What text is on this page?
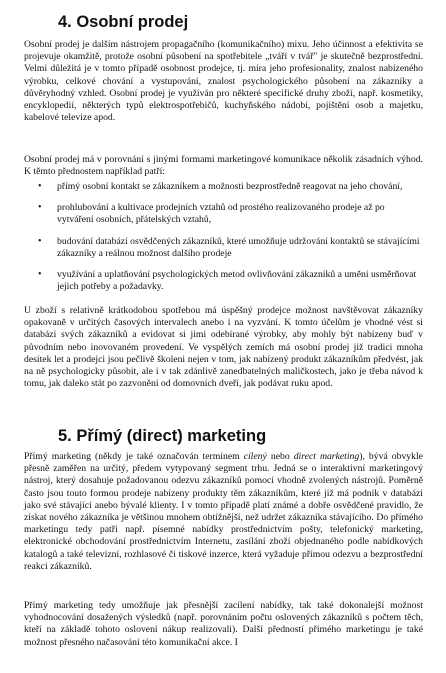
4. Osobní prodej

Osobní prodej je dalším nástrojem propagačního (komunikačního) mixu. Jeho účinnost a efektivita se projevuje okamžitě, protože osobní působení na spotřebitele „tváří v tvář" je skutečně bezprostřední. Velmi důležitá je v tomto případě osobnost prodejce, tj. míra jeho profesionality, znalost nabízeného výrobku, celkové chování a vystupování, znalost psychologického působení na zákazníky a důvěryhodný vzhled. Osobní prodej je využíván pro některé specifické druhy zboží, např. kosmetiky, encyklopedií, některých typů elektrospotřebičů, kuchyňského nádobí, pojištění osob a majetku, kabelové televize apod.

Osobní prodej má v porovnání s jinými formami marketingové komunikace několik zásadních výhod. K těmto přednostem například patří:

• přímý osobní kontakt se zákazníkem a možnosti bezprostředně reagovat na jeho chování,
• prohlubování a kultivace prodejních vztahů od prostého realizovaného prodeje až po vytváření osobních, přátelských vztahů,
• budování databází osvědčených zákazníků, které umožňuje udržování kontaktů se stávajícími zákazníky a reálnou možnost dalšího prodeje
• využívání a uplatňování psychologických metod ovlivňování zákazníků a umění usměrňovat jejich potřeby a požadavky.

U zboží s relativně krátkodobou spotřebou má úspěšný prodejce možnost navštěvovat zákazníky opakovaně v určitých časových intervalech anebo i na vyzvání. K tomto účelům je vhodné vést si databázi svých zákazníků a evidovat si jimi odebírané výrobky, aby mohly být nabízeny buď v původním nebo inovovaném provedení. Ve vyspělých zemích má osobní prodej již tradici mnoha desítek let a prodejci jsou pečlivě školeni nejen v tom, jak nabízený produkt zákazníkům předvést, jak na ně psychologicky působit, ale i v tak zdánlivě zanedbatelných maličkostech, jako je třeba návod k tomu, jak daleko stát po zazvonění od domovních dveří, jak podávat ruku apod.

5. Přímý (direct) marketing

Přímý marketing (někdy je také označován termínem cílený nebo direct marketing), bývá obvykle přesně zaměřen na určitý, předem vytypovaný segment trhu. Jedná se o interaktivní marketingový nástroj, který dosahuje požadovanou odezvu zákazníků pomocí vhodně zvolených nástrojů. Poměrně často jsou touto formou prodeje nabízeny produkty těm zákazníkům, které již má podnik v databázi jako své stávající anebo bývalé klienty. I v tomto případě platí známé a dobře osvědčené pravidlo, že získat nového zákazníka je většinou mnohem obtížnější, než udržet zákazníka stávajícího. Do přímého marketingu tedy patří např. písemné nabídky prostřednictvím pošty, telefonický marketing, elektronické obchodování prostřednictvím Internetu, zasílání zboží objednaného podle nabídkových katalogů a také televizní, rozhlasové či tiskové inzerce, která vyžaduje přímou odezvu a bezprostřední reakci zákazníků.

Přímý marketing tedy umožňuje jak přesnější zacílení nabídky, tak také dokonalejší možnost vyhodnocování dosažených výsledků (např. porovnáním počtu oslovených zákazníků s počtem těch, kteří na základě tohoto oslovení nákup realizovali). Další předností přímého marketingu je také možnost přesného načasování této komunikační akce. I
